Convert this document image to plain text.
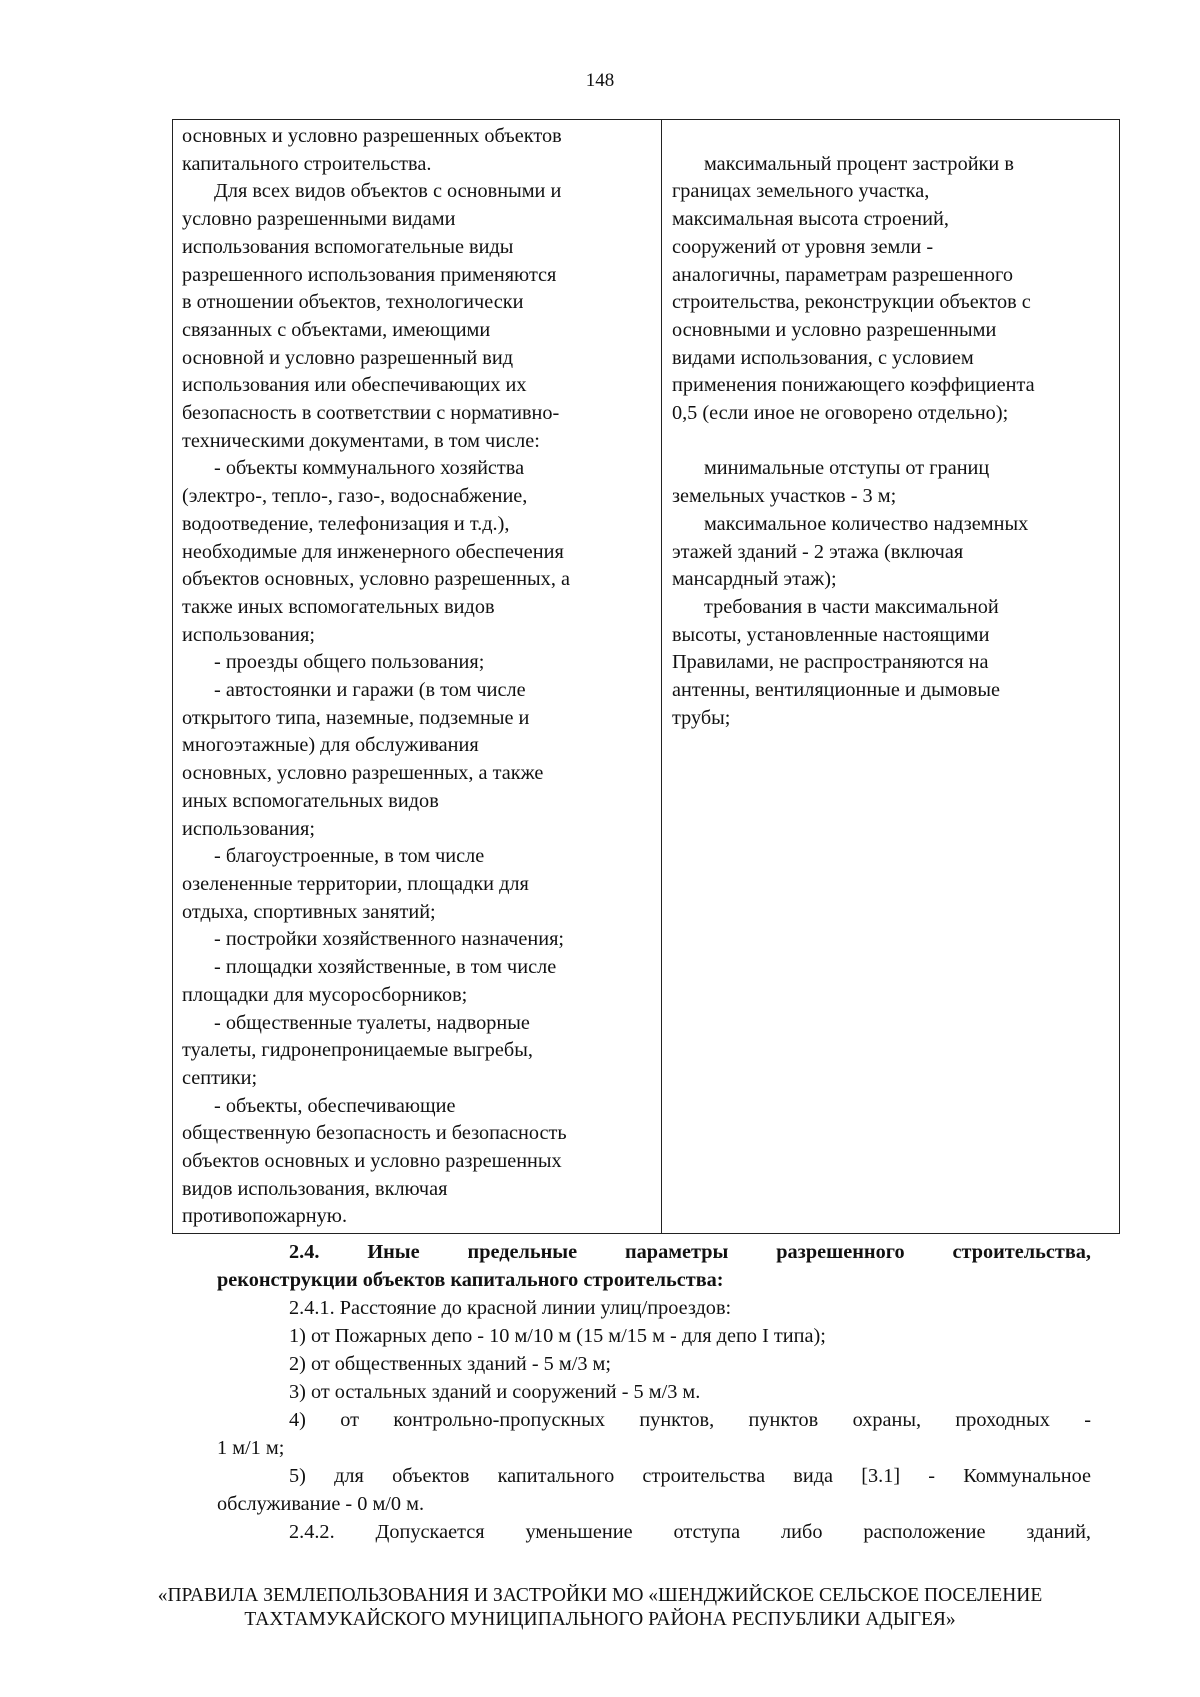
148
основных и условно разрешенных объектов
капитального строительства.
Для всех видов объектов с основными и
условно разрешенными видами
использования вспомогательные виды
разрешенного использования применяются
в отношении объектов, технологически
связанных с объектами, имеющими
основной и условно разрешенный вид
использования или обеспечивающих их
безопасность в соответствии с нормативно-
техническими документами, в том числе:
- объекты коммунального хозяйства
(электро-, тепло-, газо-, водоснабжение,
водоотведение, телефонизация и т.д.),
необходимые для инженерного обеспечения
объектов основных, условно разрешенных, а
также иных вспомогательных видов
использования;
- проезды общего пользования;
- автостоянки и гаражи (в том числе
открытого типа, наземные, подземные и
многоэтажные) для обслуживания
основных, условно разрешенных, а также
иных вспомогательных видов
использования;
- благоустроенные, в том числе
озелененные территории, площадки для
отдыха, спортивных занятий;
- постройки хозяйственного назначения;
- площадки хозяйственные, в том числе
площадки для мусоросборников;
- общественные туалеты, надворные
туалеты, гидронепроницаемые выгребы,
септики;
- объекты, обеспечивающие
общественную безопасность и безопасность
объектов основных и условно разрешенных
видов использования, включая
противопожарную.

максимальный процент застройки в
границах земельного участка,
максимальная высота строений,
сооружений от уровня земли -
аналогичны, параметрам разрешенного
строительства, реконструкции объектов с
основными и условно разрешенными
видами использования, с условием
применения понижающего коэффициента
0,5 (если иное не оговорено отдельно);

минимальные отступы от границ
земельных участков - 3 м;
максимальное количество надземных
этажей зданий - 2 этажа (включая
мансардный этаж);
требования в части максимальной
высоты, установленные настоящими
Правилами, не распространяются на
антенны, вентиляционные и дымовые
трубы;
2.4. Иные предельные параметры разрешенного строительства,
реконструкции объектов капитального строительства:
2.4.1. Расстояние до красной линии улиц/проездов:
1) от Пожарных депо - 10 м/10 м (15 м/15 м - для депо I типа);
2) от общественных зданий - 5 м/3 м;
3) от остальных зданий и сооружений - 5 м/3 м.
4) от контрольно-пропускных пунктов, пунктов охраны, проходных -
1 м/1 м;
5) для объектов капитального строительства вида [3.1] - Коммунальное
обслуживание - 0 м/0 м.
2.4.2. Допускается уменьшение отступа либо расположение зданий,
«ПРАВИЛА ЗЕМЛЕПОЛЬЗОВАНИЯ И ЗАСТРОЙКИ МО «ШЕНДЖИЙСКОЕ СЕЛЬСКОЕ ПОСЕЛЕНИЕ
ТАХТАМУКАЙСКОГО МУНИЦИПАЛЬНОГО РАЙОНА РЕСПУБЛИКИ АДЫГЕЯ»
